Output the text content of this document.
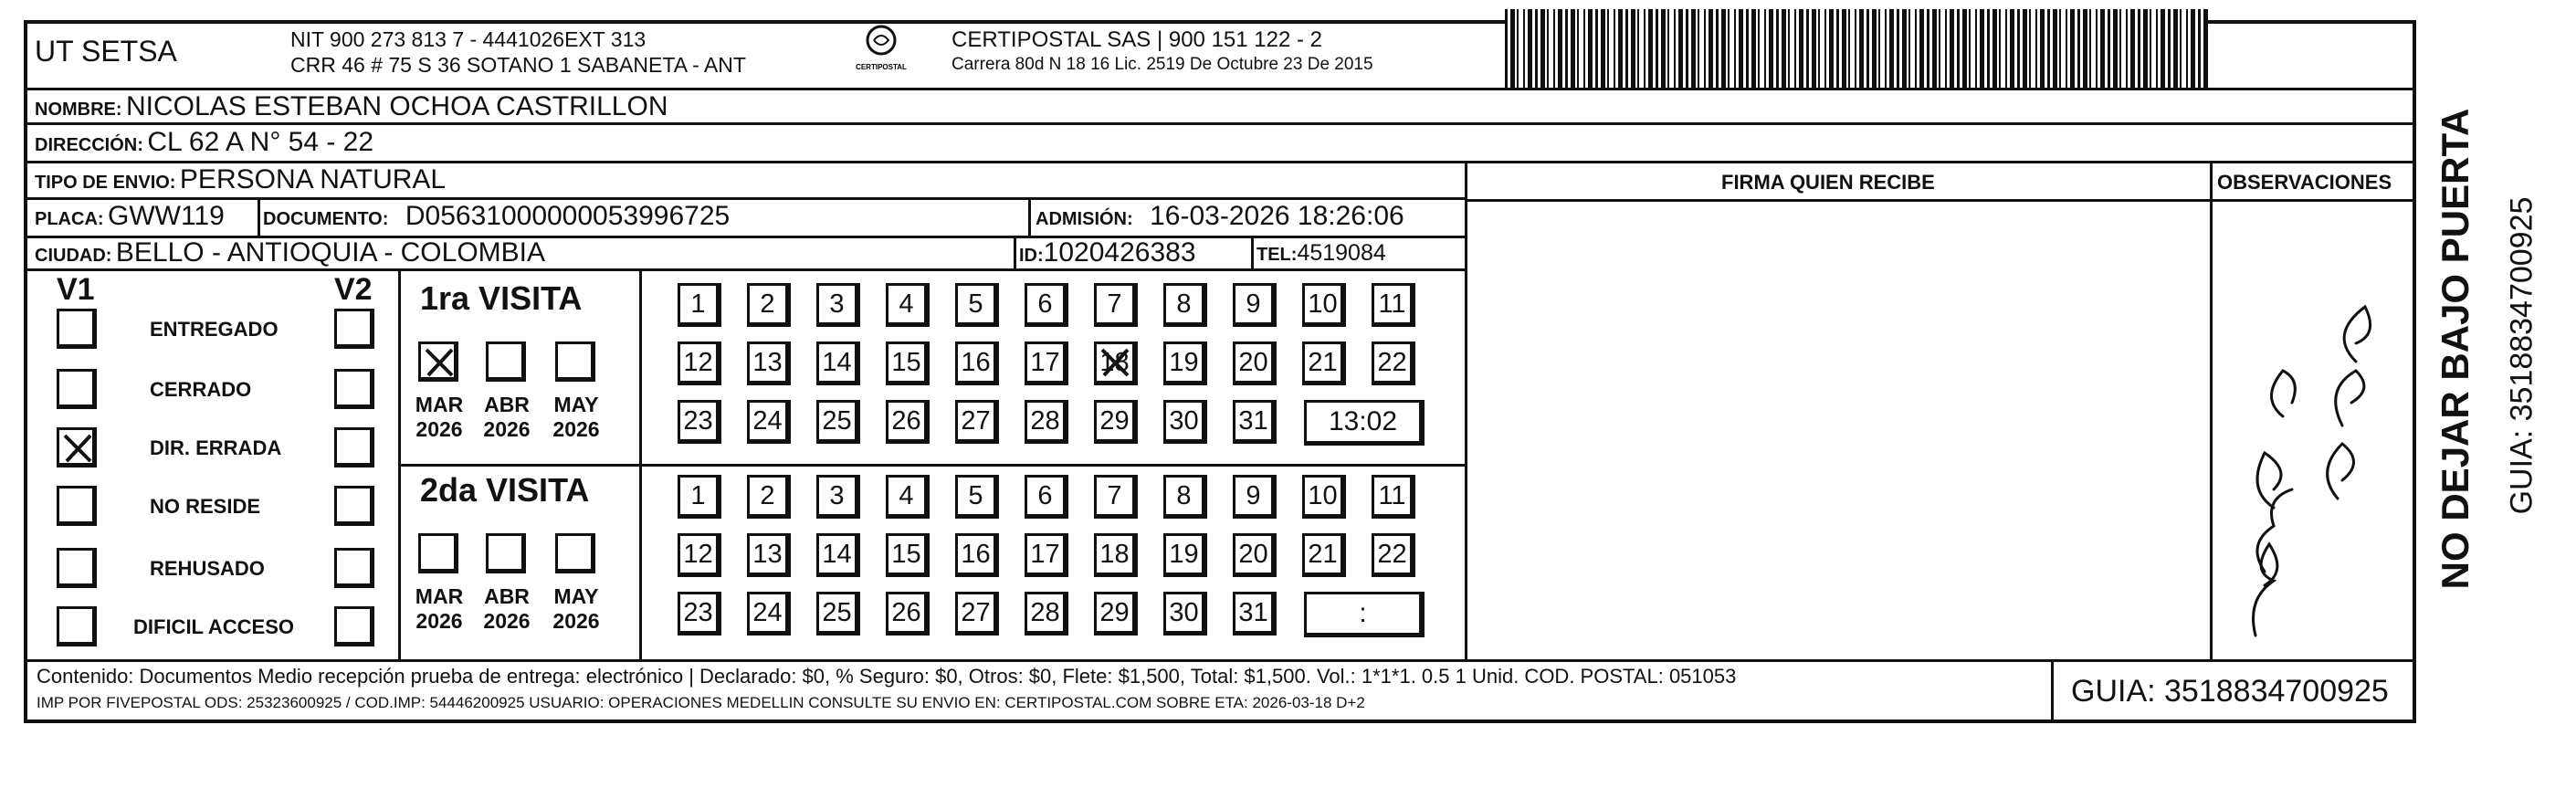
UT SETSA	NIT 900 273 813 7 - 4441026EXT 313
CRR 46 # 75 S 36 SOTANO 1 SABANETA - ANT	CERTIPOSTAL
CERTIPOSTAL SAS | 900 151 122 - 2
Carrera 80d N 18 16 Lic. 2519 De Octubre 23 De 2015
NOMBRE: NICOLAS ESTEBAN OCHOA CASTRILLON
DIRECCIÓN: CL 62 A N° 54 - 22
TIPO DE ENVIO: PERSONA NATURAL
PLACA: GWW119 DOCUMENTO: D05631000000053996725	ADMISIÓN: 16-03-2026 18:26:06
CIUDAD: BELLO - ANTIOQUIA - COLOMBIA	ID:1020426383	TEL:4519084
FIRMA QUIEN RECIBE	OBSERVACIONES
V1	V2
ENTREGADO
CERRADO
DIR. ERRADA
NO RESIDE
REHUSADO
DIFICIL ACCESO
1ra VISITA
2da VISITA
MAR
2026
ABR
2026
MAY
2026
1	2	3	4	5	6	7	8	9	10	11
12	13	14	15	16	17	18 19	20	21	22
23	24	25	26	27	28	29	30	31	13:02
MAR
2026
ABR
2026
MAY
2026
1	2	3	4	5	6	7	8	9	10	11
12	13	14	15	16	17	18	19	20	21	22
23	24	25	26	27	28	29	30	31	:
Contenido: Documentos Medio recepción prueba de entrega: electrónico | Declarado: $0, % Seguro: $0, Otros: $0, Flete: $1,500, Total: $1,500. Vol.: 1*1*1. 0.5 1 Unid. COD. POSTAL: 051053
IMP POR FIVEPOSTAL ODS: 25323600925 / COD.IMP: 54446200925 USUARIO: OPERACIONES MEDELLIN CONSULTE SU ENVIO EN: CERTIPOSTAL.COM SOBRE ETA: 2026-03-18 D+2	GUIA: 3518834700925
NO DEJAR BAJO PUERTA GUIA: 3518834700925
